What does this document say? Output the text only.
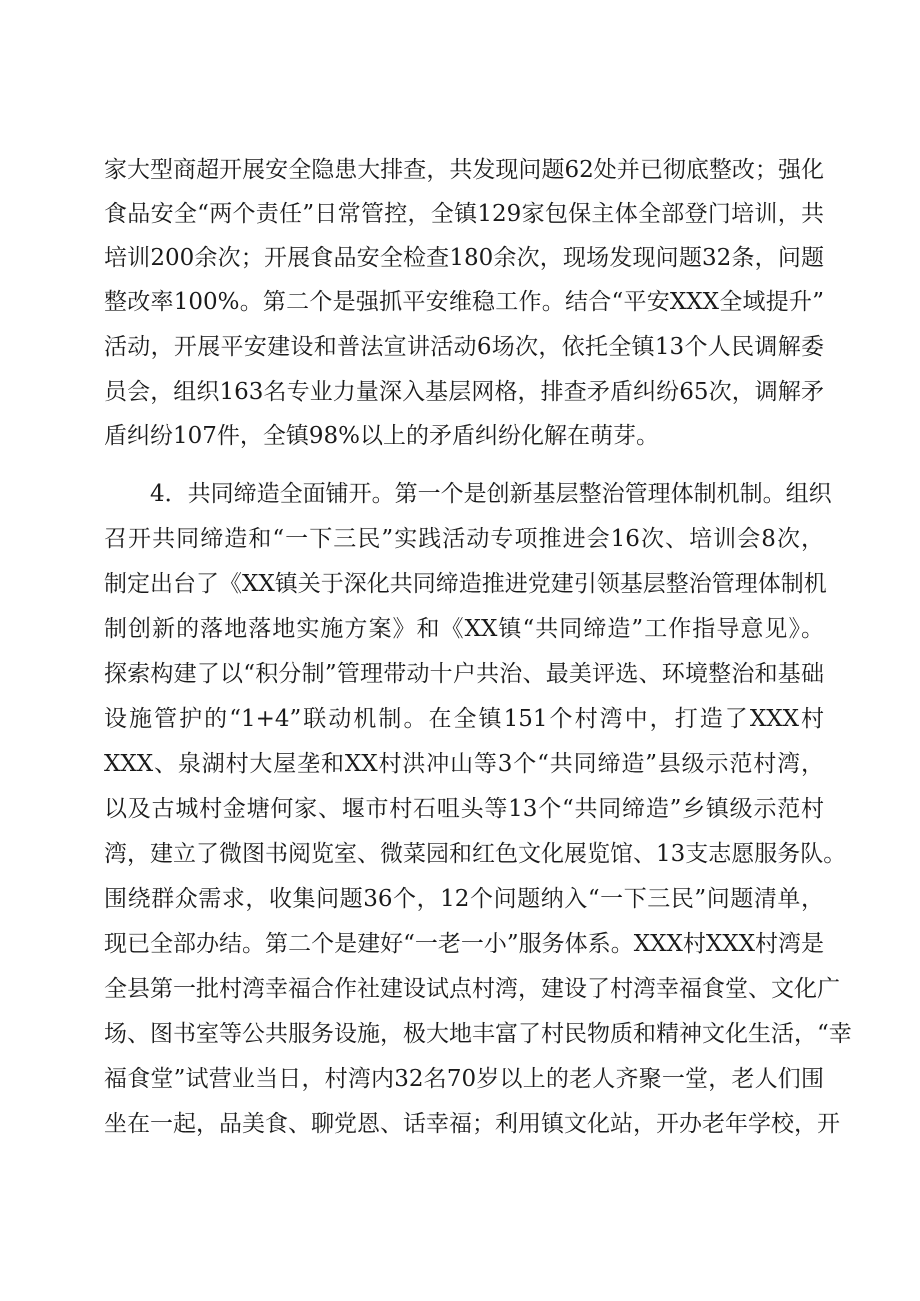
家大型商超开展安全隐患大排查，共发现问题62处并已彻底整改；强化
食品安全“两个责任”日常管控，全镇129家包保主体全部登门培训，共
培训200余次；开展食品安全检查180余次，现场发现问题32条，问题
整改率100%。第二个是强抓平安维稳工作。结合“平安XXX全域提升”
活动，开展平安建设和普法宣讲活动6场次，依托全镇13个人民调解委
员会，组织163名专业力量深入基层网格，排查矛盾纠纷65次，调解矛
盾纠纷107件，全镇98%以上的矛盾纠纷化解在萌芽。
4．共同缔造全面铺开。第一个是创新基层整治管理体制机制。组织
召开共同缔造和“一下三民”实践活动专项推进会16次、培训会8次，
制定出台了《XX镇关于深化共同缔造推进党建引领基层整治管理体制机
制创新的落地落地实施方案》和《XX镇“共同缔造”工作指导意见》。
探索构建了以“积分制”管理带动十户共治、最美评选、环境整治和基础
设施管护的“1+4”联动机制。在全镇151个村湾中，打造了XXX村
XXX、泉湖村大屋垄和XX村洪冲山等3个“共同缔造”县级示范村湾，
以及古城村金塘何家、堰市村石咀头等13个“共同缔造”乡镇级示范村
湾，建立了微图书阅览室、微菜园和红色文化展览馆、13支志愿服务队。
围绕群众需求，收集问题36个，12个问题纳入“一下三民”问题清单，
现已全部办结。第二个是建好“一老一小”服务体系。XXX村XXX村湾是
全县第一批村湾幸福合作社建设试点村湾，建设了村湾幸福食堂、文化广
场、图书室等公共服务设施，极大地丰富了村民物质和精神文化生活，“幸
福食堂”试营业当日，村湾内32名70岁以上的老人齐聚一堂，老人们围
坐在一起，品美食、聊党恩、话幸福；利用镇文化站，开办老年学校，开
